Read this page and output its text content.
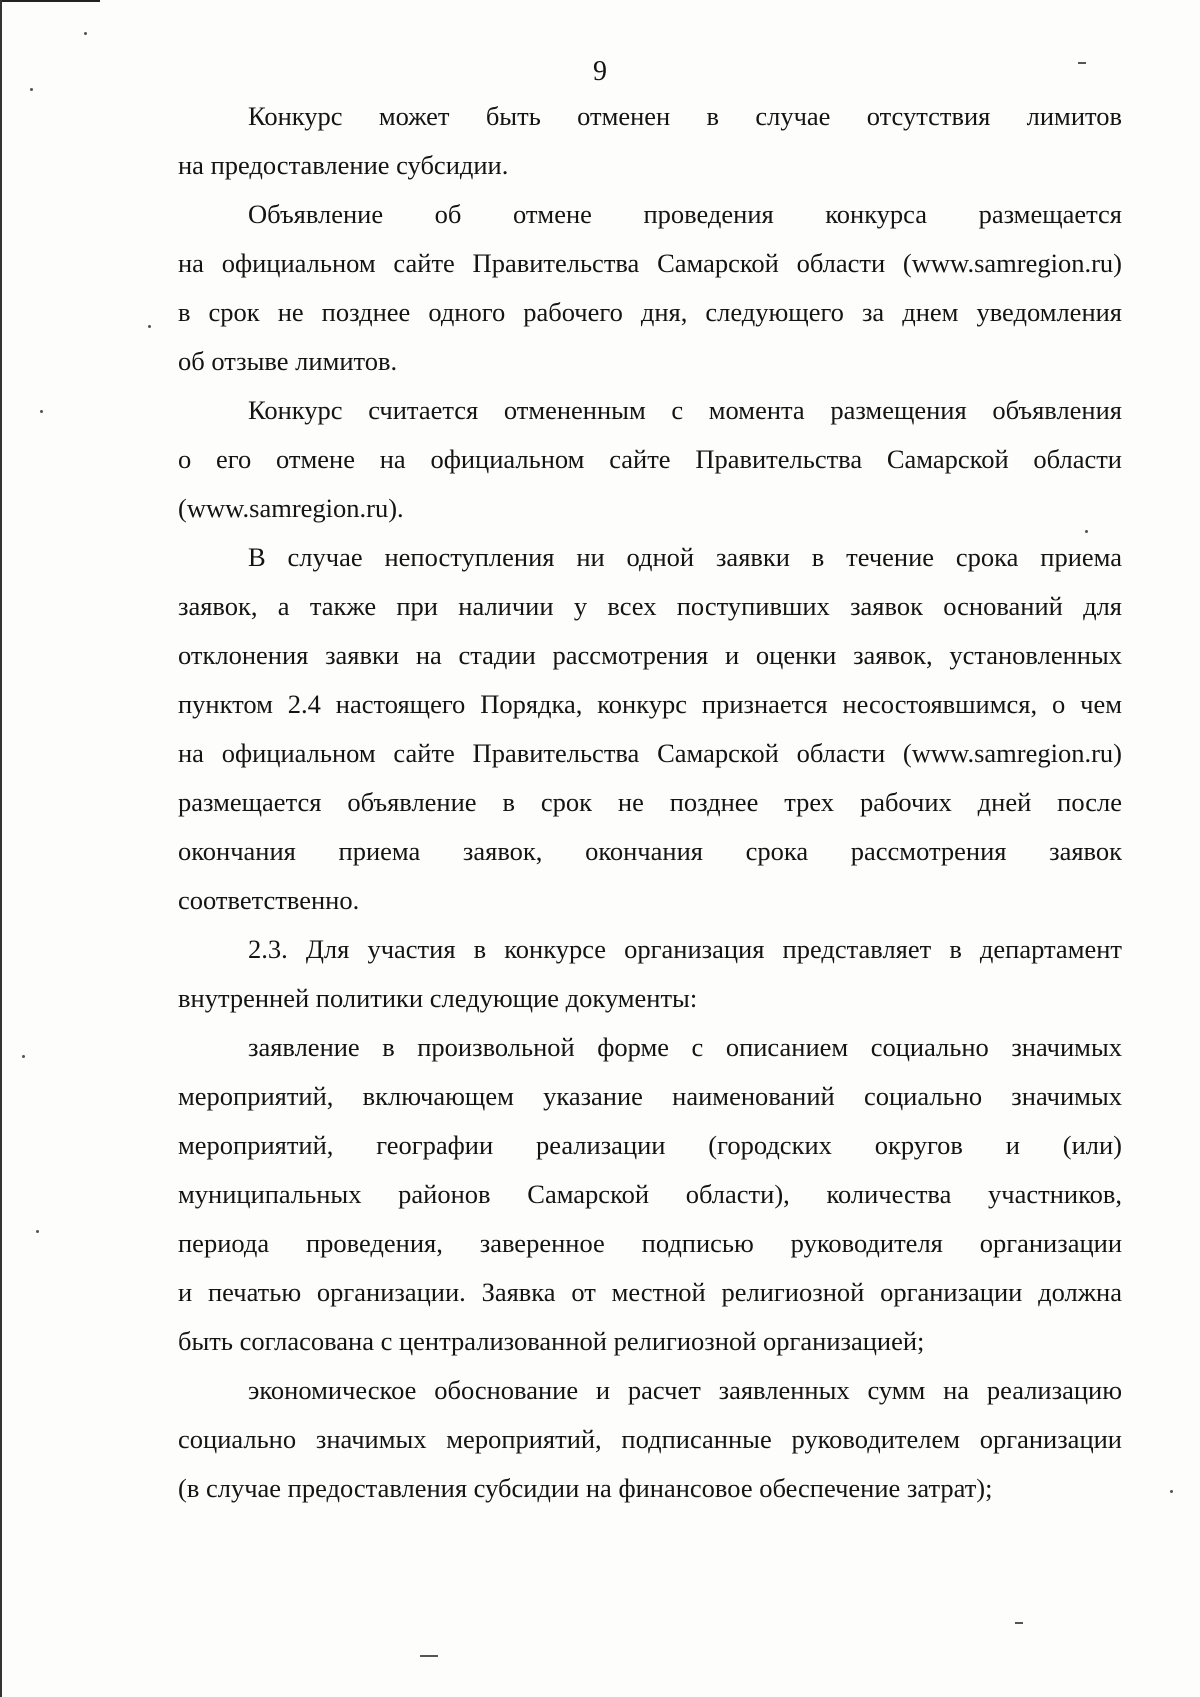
9
Конкурс может быть отменен в случае отсутствия лимитов
на предоставление субсидии.
Объявление об отмене проведения конкурса размещается
на официальном сайте Правительства Самарской области (www.samregion.ru)
в срок не позднее одного рабочего дня, следующего за днем уведомления
об отзыве лимитов.
Конкурс считается отмененным с момента размещения объявления
о его отмене на официальном сайте Правительства Самарской области
(www.samregion.ru).
В случае непоступления ни одной заявки в течение срока приема
заявок, а также при наличии у всех поступивших заявок оснований для
отклонения заявки на стадии рассмотрения и оценки заявок, установленных
пунктом 2.4 настоящего Порядка, конкурс признается несостоявшимся, о чем
на официальном сайте Правительства Самарской области (www.samregion.ru)
размещается объявление в срок не позднее трех рабочих дней после
окончания приема заявок, окончания срока рассмотрения заявок
соответственно.
2.3. Для участия в конкурсе организация представляет в департамент
внутренней политики следующие документы:
заявление в произвольной форме с описанием социально значимых
мероприятий, включающем указание наименований социально значимых
мероприятий, географии реализации (городских округов и (или)
муниципальных районов Самарской области), количества участников,
периода проведения, заверенное подписью руководителя организации
и печатью организации. Заявка от местной религиозной организации должна
быть согласована с централизованной религиозной организацией;
экономическое обоснование и расчет заявленных сумм на реализацию
социально значимых мероприятий, подписанные руководителем организации
(в случае предоставления субсидии на финансовое обеспечение затрат);
